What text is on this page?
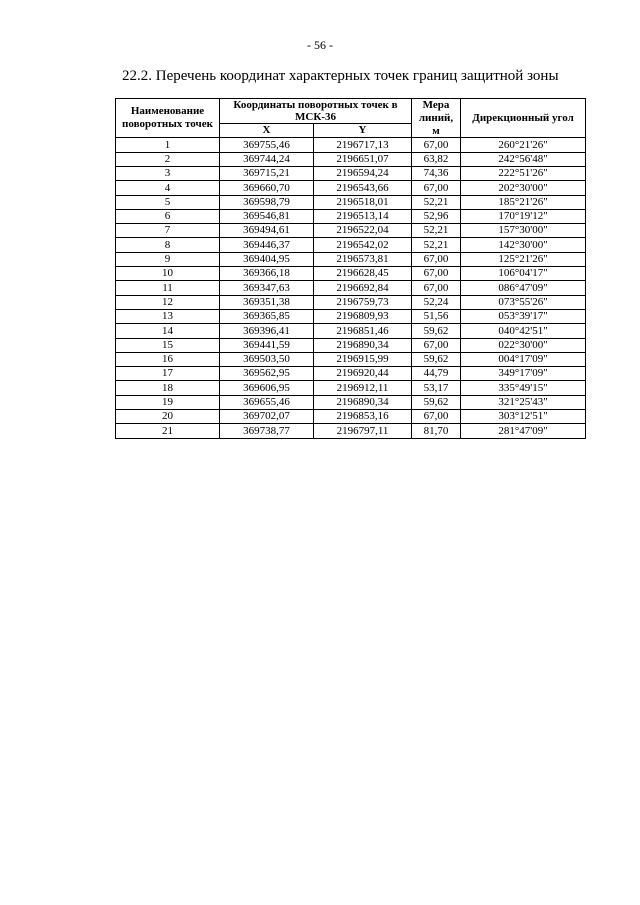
- 56 -
22.2. Перечень координат характерных точек границ защитной зоны
Наименование поворотных точек	Координаты поворотных точек в МСК-36		Мера линий, м	Дирекционный угол
	X	Y		
1	369755,46	2196717,13	67,00	260°21'26"
2	369744,24	2196651,07	63,82	242°56'48"
3	369715,21	2196594,24	74,36	222°51'26"
4	369660,70	2196543,66	67,00	202°30'00"
5	369598,79	2196518,01	52,21	185°21'26"
6	369546,81	2196513,14	52,96	170°19'12"
7	369494,61	2196522,04	52,21	157°30'00"
8	369446,37	2196542,02	52,21	142°30'00"
9	369404,95	2196573,81	67,00	125°21'26"
10	369366,18	2196628,45	67,00	106°04'17"
11	369347,63	2196692,84	67,00	086°47'09"
12	369351,38	2196759,73	52,24	073°55'26"
13	369365,85	2196809,93	51,56	053°39'17"
14	369396,41	2196851,46	59,62	040°42'51"
15	369441,59	2196890,34	67,00	022°30'00"
16	369503,50	2196915,99	59,62	004°17'09"
17	369562,95	2196920,44	44,79	349°17'09"
18	369606,95	2196912,11	53,17	335°49'15"
19	369655,46	2196890,34	59,62	321°25'43"
20	369702,07	2196853,16	67,00	303°12'51"
21	369738,77	2196797,11	81,70	281°47'09"
